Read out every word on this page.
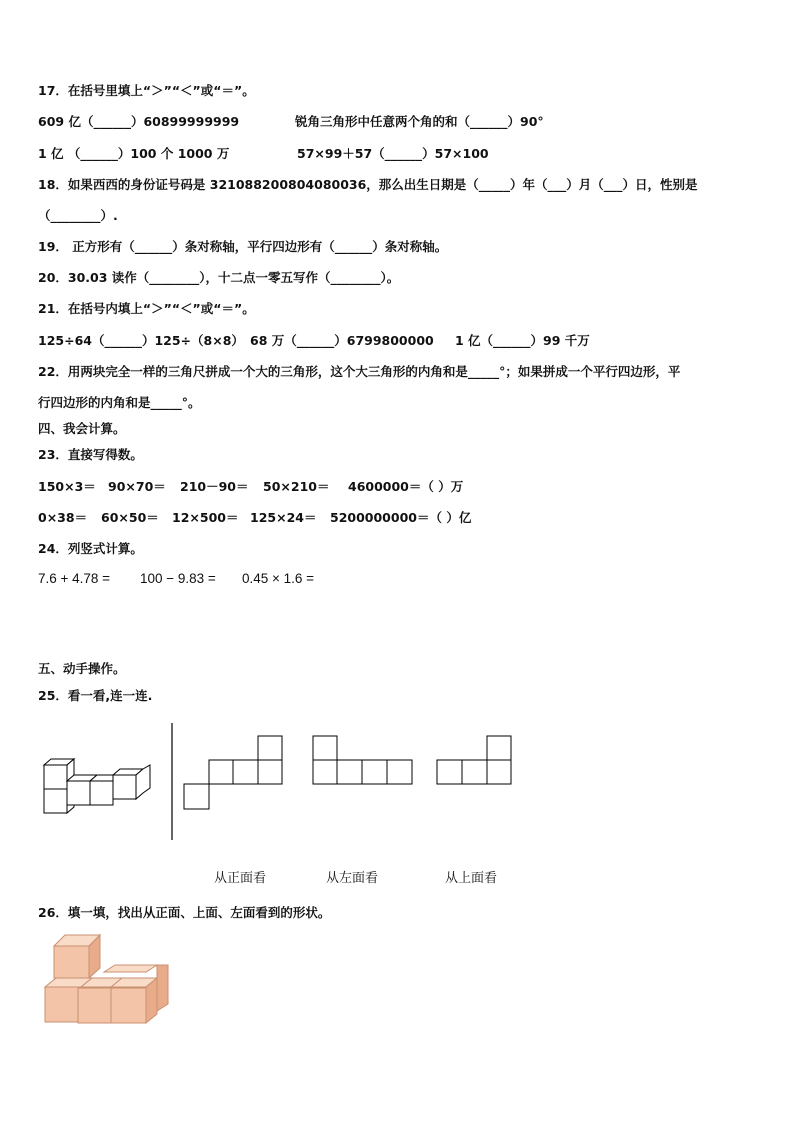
17．在括号里填上“＞”“＜”或“＝”。
609 亿（______）60899999999	锐角三角形中任意两个角的和（______）90°
1 亿 （______）100 个 1000 万	57×99＋57（______）57×100
18．如果西西的身份证号码是 321088200804080036，那么出生日期是（_____）年（___）月（___）日，性别是
（________）.
19． 正方形有（______）条对称轴，平行四边形有（______）条对称轴。
20．30.03 读作（________），十二点一零五写作（________）。
21．在括号内填上“＞”“＜”或“＝”。
125÷64（______）125÷（8×8） 68 万（______）6799800000 1 亿（______）99 千万
22．用两块完全一样的三角尺拼成一个大的三角形，这个大三角形的内角和是_____°；如果拼成一个平行四边形，平
行四边形的内角和是_____°。
四、我会计算。
23．直接写得数。
150×3＝ 90×70＝ 210－90＝ 50×210＝ 4600000＝（ ）万
0×38＝ 60×50＝ 12×500＝ 125×24＝ 5200000000＝（ ）亿
24．列竖式计算。
7.6 + 4.78 = 100 − 9.83 = 0.45 × 1.6 =
五、动手操作。
25．看一看,连一连.
从正面看	从左面看	从上面看
26．填一填，找出从正面、上面、左面看到的形状。
